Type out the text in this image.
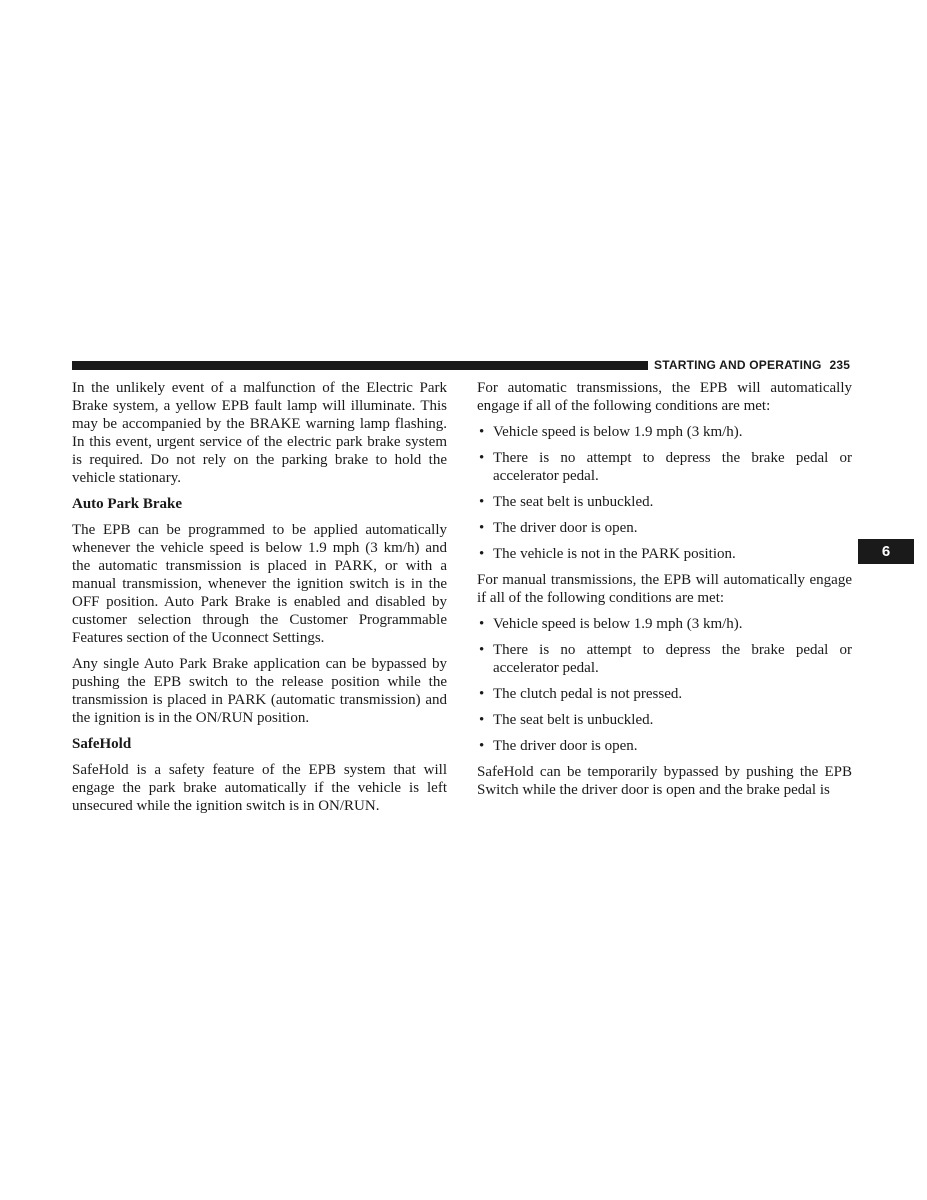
STARTING AND OPERATING 235
6

In the unlikely event of a malfunction of the Electric Park Brake system, a yellow EPB fault lamp will illuminate. This may be accompanied by the BRAKE warning lamp flashing. In this event, urgent service of the electric park brake system is required. Do not rely on the parking brake to hold the vehicle stationary.

Auto Park Brake

The EPB can be programmed to be applied automatically whenever the vehicle speed is below 1.9 mph (3 km/h) and the automatic transmission is placed in PARK, or with a manual transmission, whenever the ignition switch is in the OFF position. Auto Park Brake is enabled and disabled by customer selection through the Customer Programmable Features section of the Uconnect Settings.

Any single Auto Park Brake application can be bypassed by pushing the EPB switch to the release position while the transmission is placed in PARK (automatic transmission) and the ignition is in the ON/RUN position.

SafeHold

SafeHold is a safety feature of the EPB system that will engage the park brake automatically if the vehicle is left unsecured while the ignition switch is in ON/RUN.

For automatic transmissions, the EPB will automatically engage if all of the following conditions are met:

• Vehicle speed is below 1.9 mph (3 km/h).
• There is no attempt to depress the brake pedal or accelerator pedal.
• The seat belt is unbuckled.
• The driver door is open.
• The vehicle is not in the PARK position.

For manual transmissions, the EPB will automatically engage if all of the following conditions are met:

• Vehicle speed is below 1.9 mph (3 km/h).
• There is no attempt to depress the brake pedal or accelerator pedal.
• The clutch pedal is not pressed.
• The seat belt is unbuckled.
• The driver door is open.

SafeHold can be temporarily bypassed by pushing the EPB Switch while the driver door is open and the brake pedal is
